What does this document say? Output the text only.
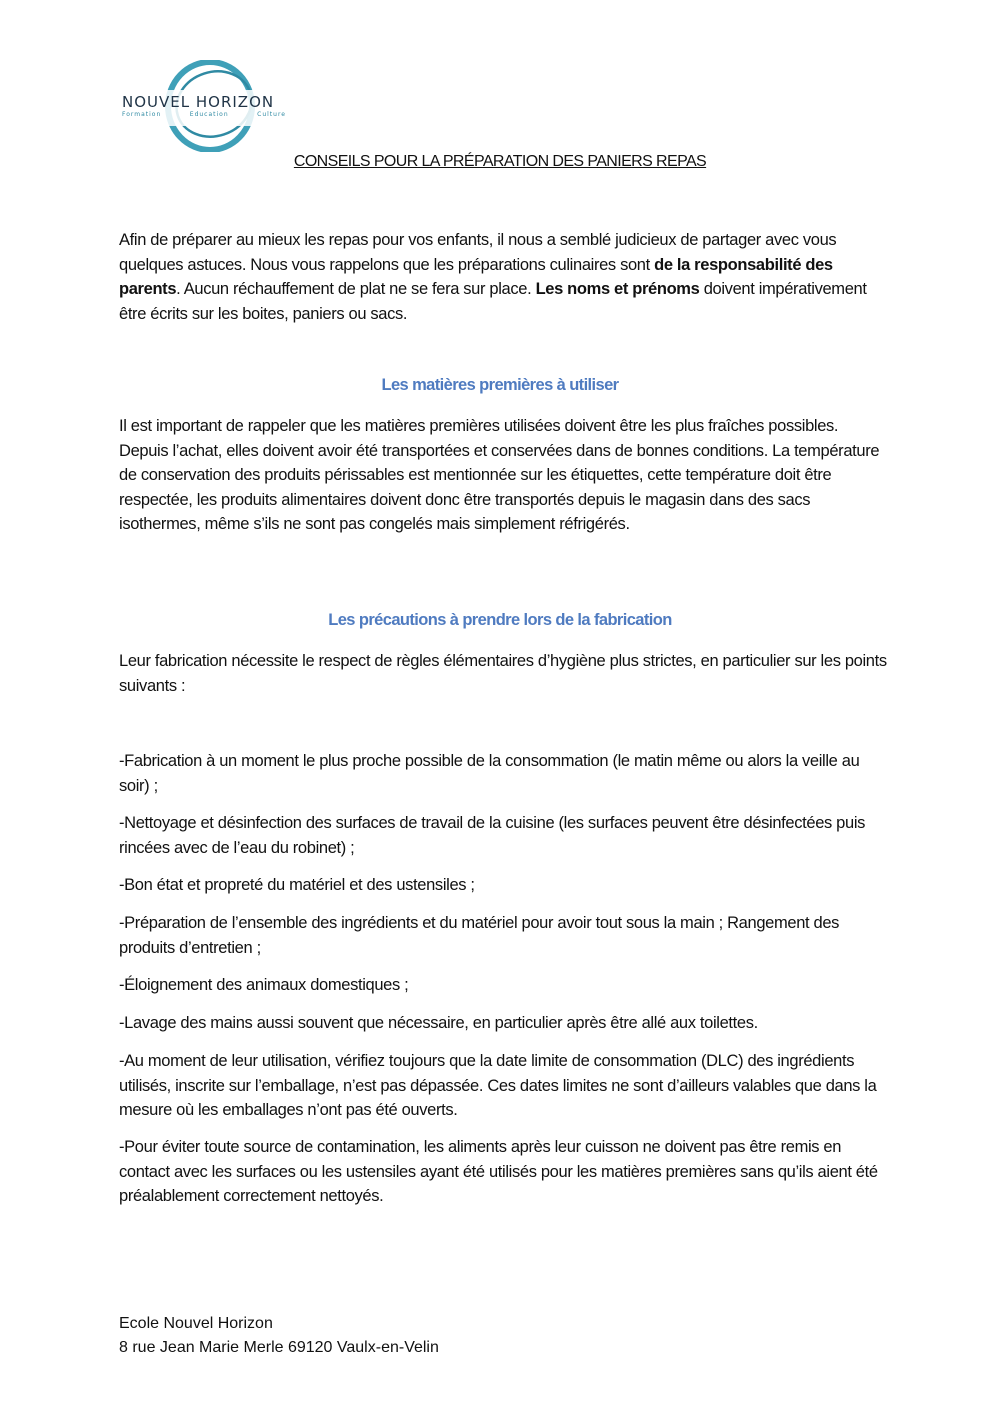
NOUVEL HORIZON
Formation	Education	Culture
CONSEILS POUR LA PRÉPARATION DES PANIERS REPAS

Afin de préparer au mieux les repas pour vos enfants, il nous a semblé judicieux de partager avec vous quelques astuces. Nous vous rappelons que les préparations culinaires sont de la responsabilité des parents. Aucun réchauffement de plat ne se fera sur place. Les noms et prénoms doivent impérativement être écrits sur les boites, paniers ou sacs.

Les matières premières à utiliser

Il est important de rappeler que les matières premières utilisées doivent être les plus fraîches possibles. Depuis l’achat, elles doivent avoir été transportées et conservées dans de bonnes conditions. La température de conservation des produits périssables est mentionnée sur les étiquettes, cette température doit être respectée, les produits alimentaires doivent donc être transportés depuis le magasin dans des sacs isothermes, même s’ils ne sont pas congelés mais simplement réfrigérés.

Les précautions à prendre lors de la fabrication

Leur fabrication nécessite le respect de règles élémentaires d’hygiène plus strictes, en particulier sur les points suivants :

-Fabrication à un moment le plus proche possible de la consommation (le matin même ou alors la veille au soir) ;

-Nettoyage et désinfection des surfaces de travail de la cuisine (les surfaces peuvent être désinfectées puis rincées avec de l’eau du robinet) ;

-Bon état et propreté du matériel et des ustensiles ;

-Préparation de l’ensemble des ingrédients et du matériel pour avoir tout sous la main ; Rangement des produits d’entretien ;

-Éloignement des animaux domestiques ;

-Lavage des mains aussi souvent que nécessaire, en particulier après être allé aux toilettes.

-Au moment de leur utilisation, vérifiez toujours que la date limite de consommation (DLC) des ingrédients utilisés, inscrite sur l’emballage, n’est pas dépassée. Ces dates limites ne sont d’ailleurs valables que dans la mesure où les emballages n’ont pas été ouverts.

-Pour éviter toute source de contamination, les aliments après leur cuisson ne doivent pas être remis en contact avec les surfaces ou les ustensiles ayant été utilisés pour les matières premières sans qu’ils aient été préalablement correctement nettoyés.

Ecole Nouvel Horizon
8 rue Jean Marie Merle 69120 Vaulx-en-Velin
